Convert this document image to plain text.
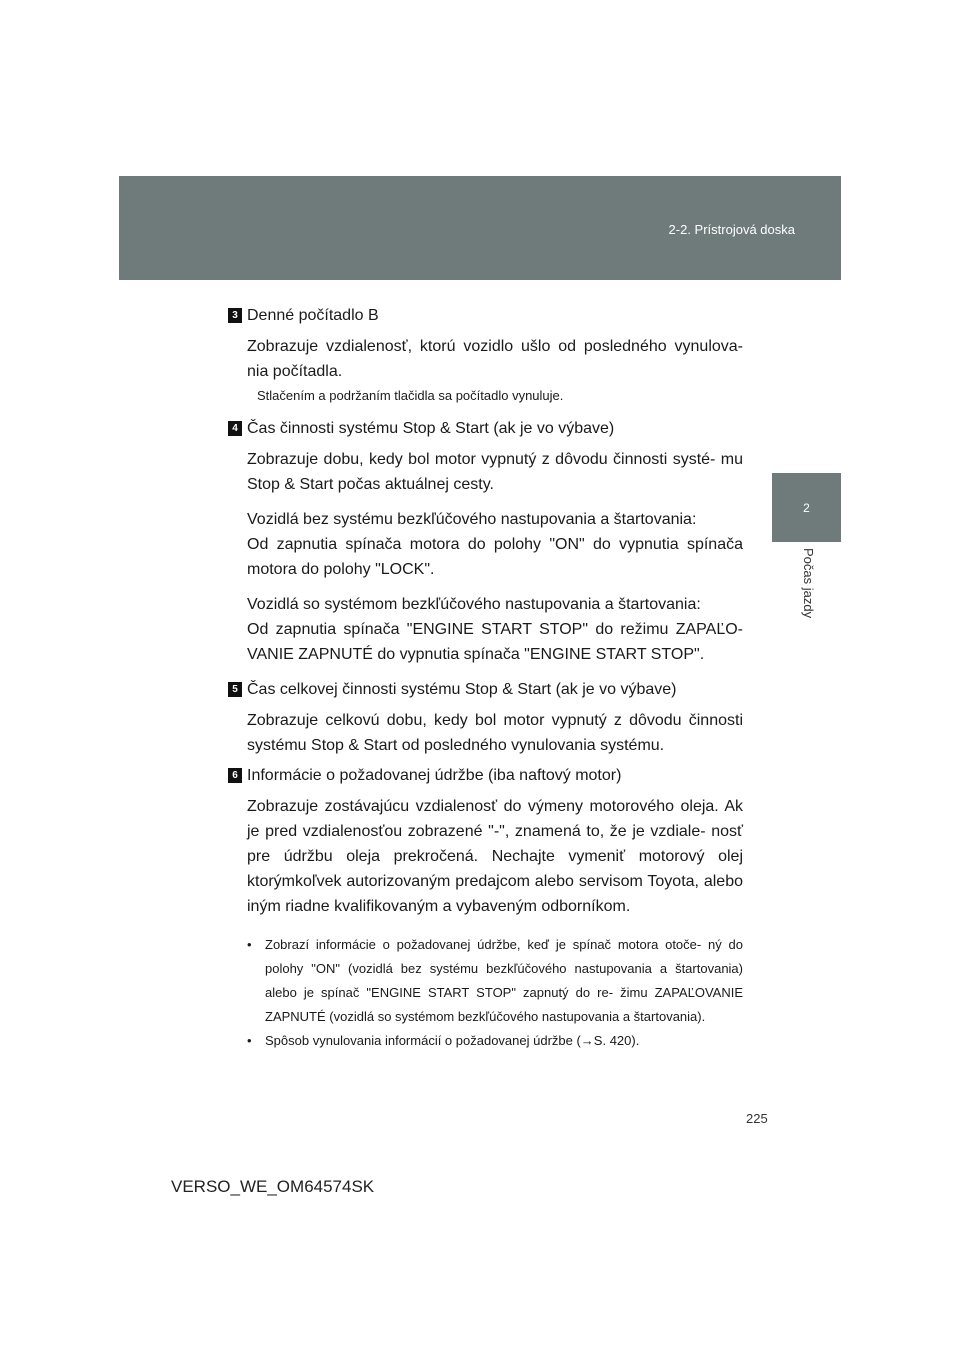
2-2. Prístrojová doska
2
Počas jazdy
3 Denné počítadlo B

Zobrazuje vzdialenosť, ktorú vozidlo ušlo od posledného vynulova- nia počítadla.

Stlačením a podržaním tlačidla sa počítadlo vynuluje.

4 Čas činnosti systému Stop & Start (ak je vo výbave)

Zobrazuje dobu, kedy bol motor vypnutý z dôvodu činnosti systé- mu Stop & Start počas aktuálnej cesty.

Vozidlá bez systému bezkľúčového nastupovania a štartovania:

Od zapnutia spínača motora do polohy "ON" do vypnutia spínača motora do polohy "LOCK".

Vozidlá so systémom bezkľúčového nastupovania a štartovania:

Od zapnutia spínača "ENGINE START STOP" do režimu ZAPAĽO- VANIE ZAPNUTÉ do vypnutia spínača "ENGINE START STOP".

5 Čas celkovej činnosti systému Stop & Start (ak je vo výbave)

Zobrazuje celkovú dobu, kedy bol motor vypnutý z dôvodu činnosti systému Stop & Start od posledného vynulovania systému.

6 Informácie o požadovanej údržbe (iba naftový motor)

Zobrazuje zostávajúcu vzdialenosť do výmeny motorového oleja. Ak je pred vzdialenosťou zobrazené "-", znamená to, že je vzdiale- nosť pre údržbu oleja prekročená. Nechajte vymeniť motorový olej ktorýmkoľvek autorizovaným predajcom alebo servisom Toyota, alebo iným riadne kvalifikovaným a vybaveným odborníkom.

• Zobrazí informácie o požadovanej údržbe, keď je spínač motora otoče- ný do polohy "ON" (vozidlá bez systému bezkľúčového nastupovania a štartovania) alebo je spínač "ENGINE START STOP" zapnutý do re- žimu ZAPAĽOVANIE ZAPNUTÉ (vozidlá so systémom bezkľúčového nastupovania a štartovania).
• Spôsob vynulovania informácií o požadovanej údržbe (→S. 420).
225
VERSO_WE_OM64574SK
